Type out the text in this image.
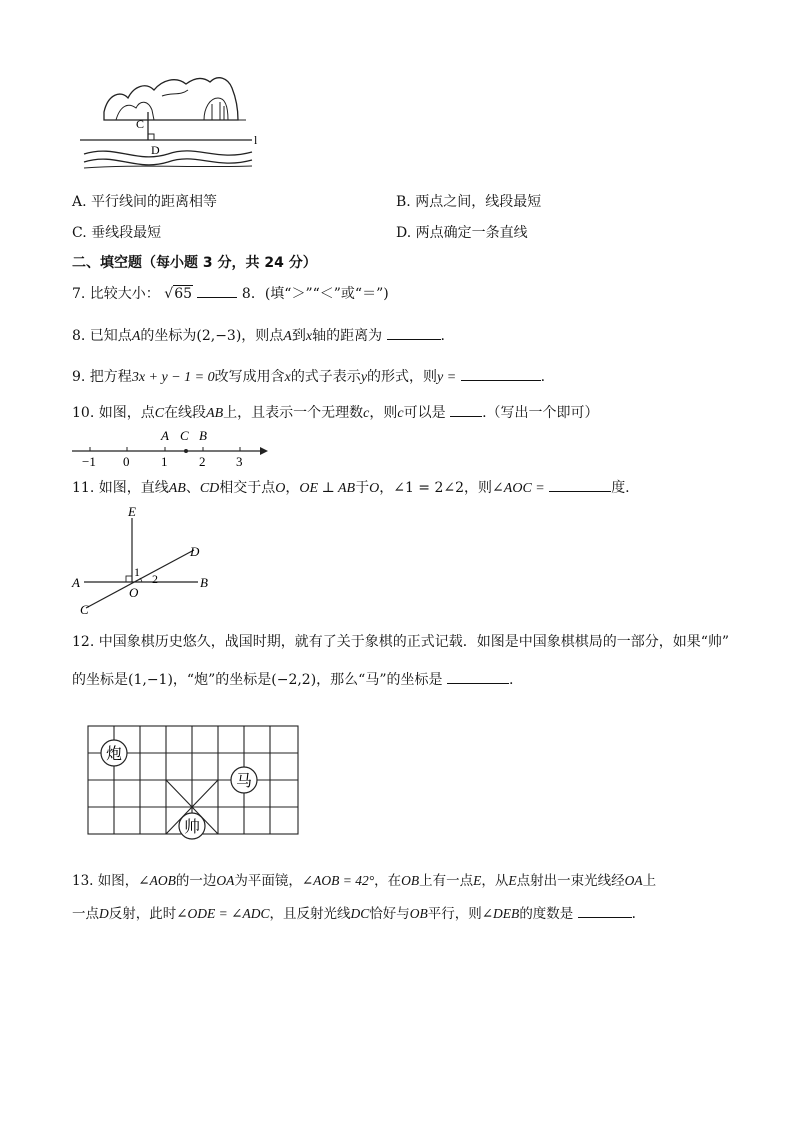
C
D
l
A. 平行线间的距离相等	B. 两点之间，线段最短
C. 垂线段最短	D. 两点确定一条直线
二、填空题（每小题 3 分，共 24 分）
7. 比较大小： √65	8．(填“＞”“＜”或“＝”)
8. 已知点A的坐标为(2,−3)，则点A到x轴的距离为	.
9. 把方程3x + y − 1 = 0改写成用含x的式子表示y的形式，则y =	.
10. 如图，点C在线段AB上，且表示一个无理数c，则c可以是	.（写出一个即可）
A C B
−1 0 1 2 3
11. 如图，直线AB、CD相交于点O，OE ⊥ AB于O，∠1 = 2∠2，则∠AOC =	度.
E
D
A	B
C
O
1 2
12. 中国象棋历史悠久，战国时期，就有了关于象棋的正式记载．如图是中国象棋棋局的一部分，如果“帅”
的坐标是(1,−1)，“炮”的坐标是(−2,2)，那么“马”的坐标是	.
炮
马
帅
13. 如图，∠AOB的一边OA为平面镜，∠AOB = 42°，在OB上有一点E，从E点射出一束光线经OA上
一点D反射，此时∠ODE = ∠ADC，且反射光线DC恰好与OB平行，则∠DEB的度数是	.
